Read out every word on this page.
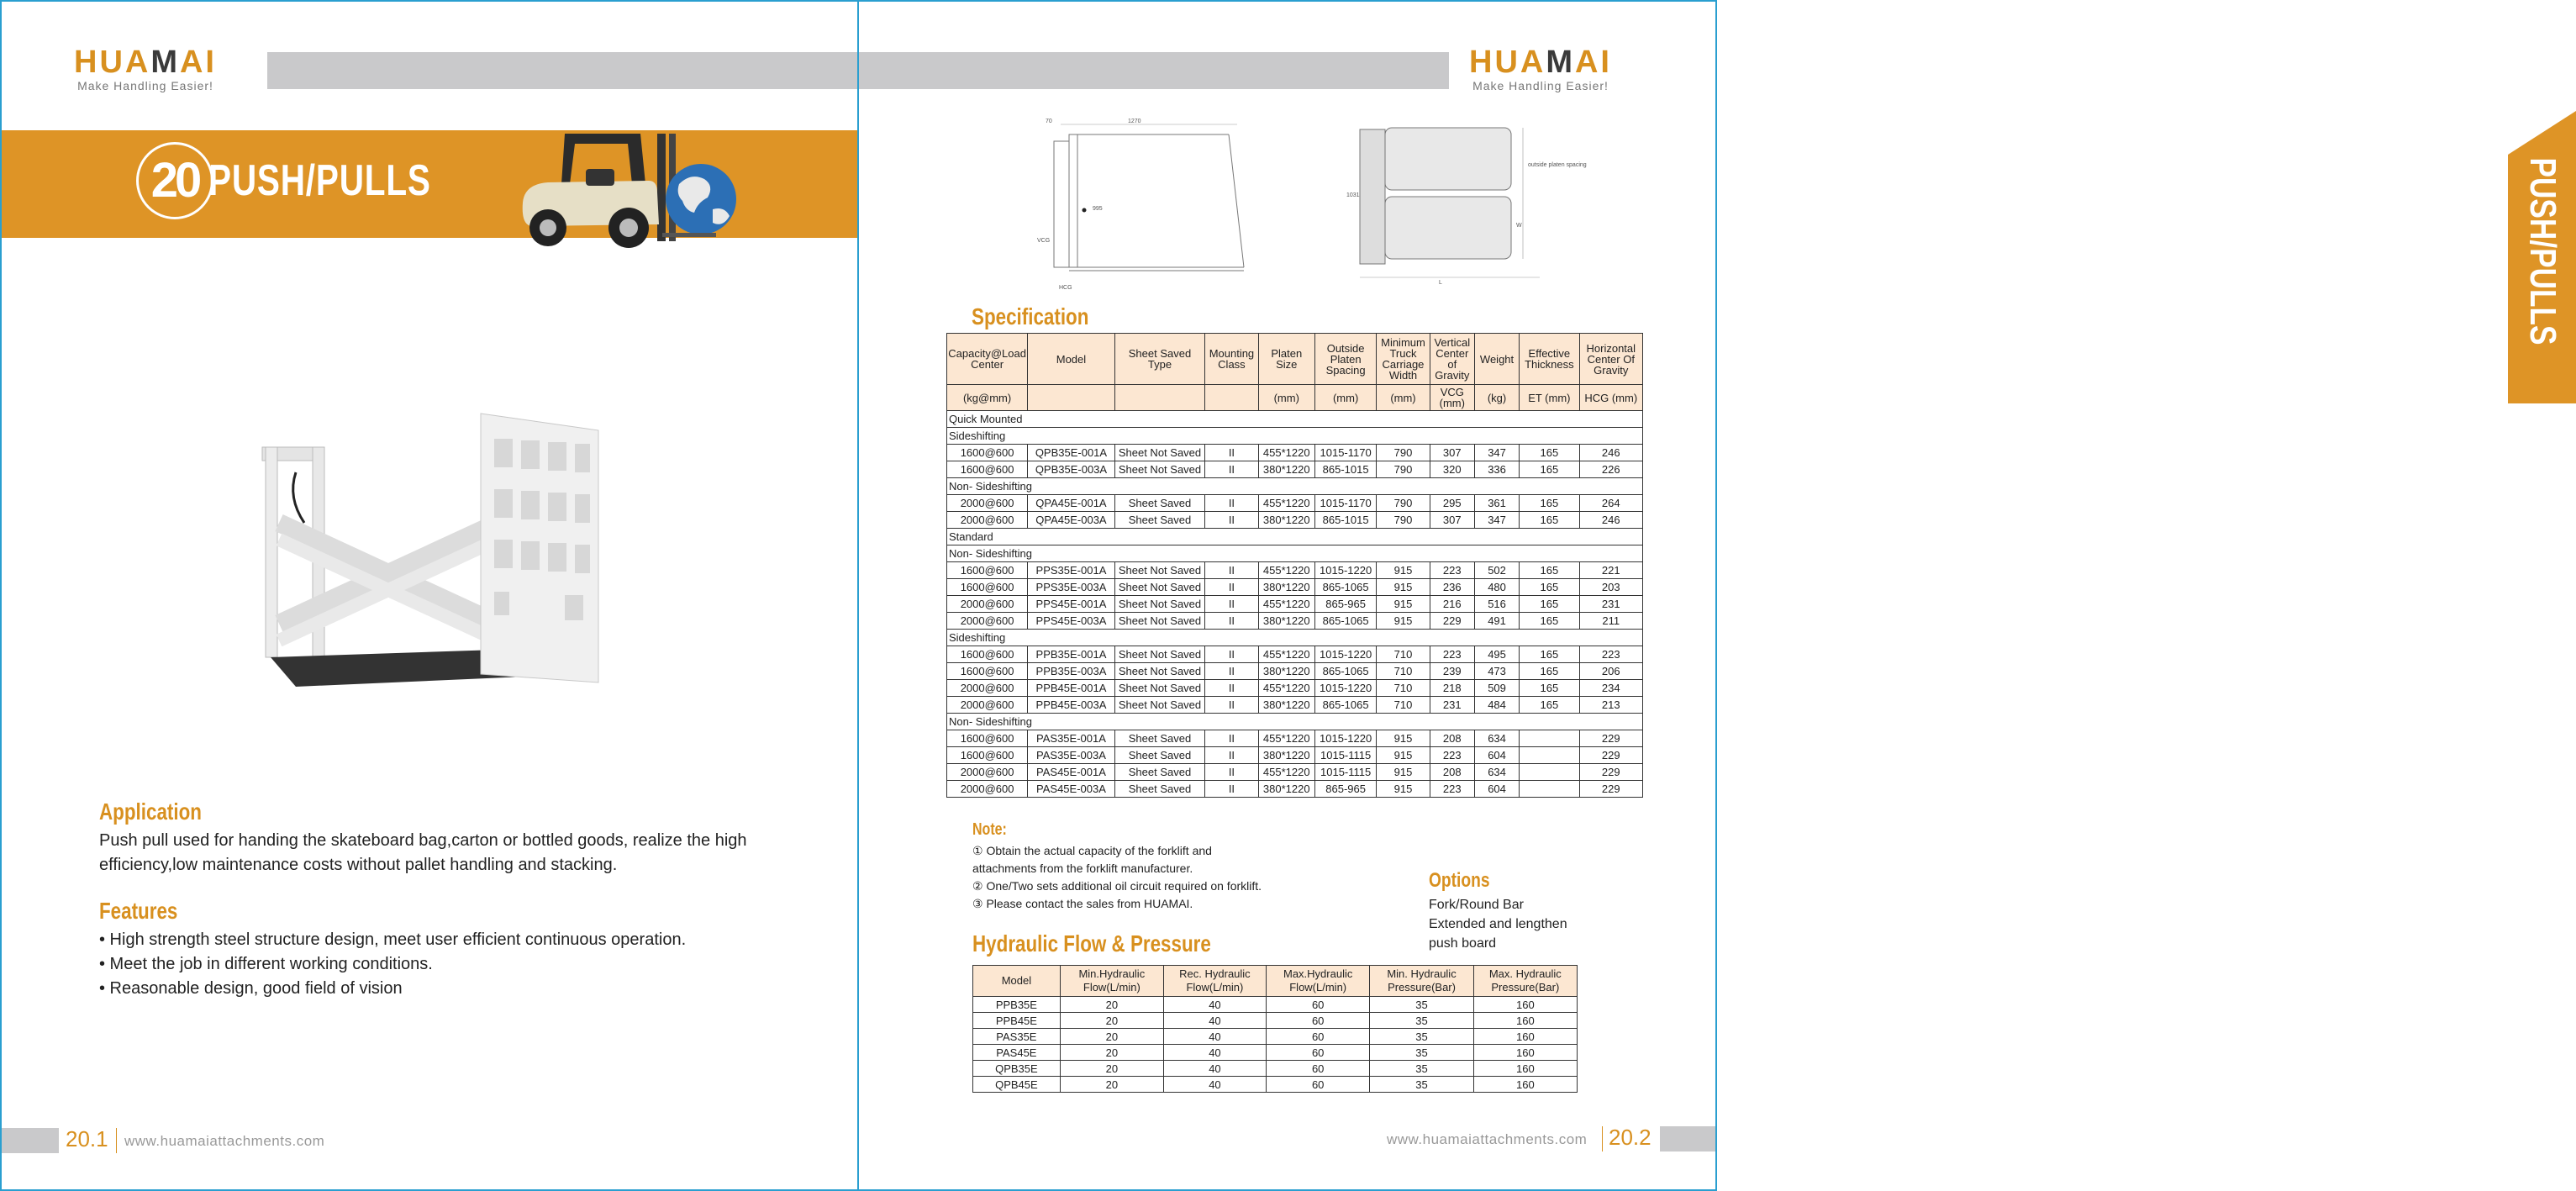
HUAMAI
Make Handling Easier!
20 PUSH/PULLS
Application
Push pull used for handing the skateboard bag,carton or bottled goods, realize the high efficiency,low maintenance costs without pallet handling and stacking.
Features
• High strength steel structure design, meet user efficient continuous operation.
• Meet the job in different working conditions.
• Reasonable design, good field of vision
20.1 www.huamaiattachments.com
HUAMAI
Make Handling Easier!
1270
70
995
VCG
HCG
1031
outside platen spacing
W
L	PUSH/PULLS
Specification
Capacity@Load Center	Model	Sheet Saved Type	Mounting Class	Platen Size	Outside Platen Spacing	Minimum Truck Carriage Width	Vertical Center of Gravity	Weight	Effective Thickness	Horizontal Center Of Gravity
(kg@mm)				(mm)	(mm)	(mm)	VCG (mm)	(kg)	ET (mm)	HCG (mm)
Quick Mounted										
Sideshifting										
1600@600	QPB35E-001A	Sheet Not Saved	II	455*1220	1015-1170	790	307	347	165	246
1600@600	QPB35E-003A	Sheet Not Saved	II	380*1220	865-1015	790	320	336	165	226
Non- Sideshifting										
2000@600	QPA45E-001A	Sheet Saved	II	455*1220	1015-1170	790	295	361	165	264
2000@600	QPA45E-003A	Sheet Saved	II	380*1220	865-1015	790	307	347	165	246
Standard										
Non- Sideshifting										
1600@600	PPS35E-001A	Sheet Not Saved	II	455*1220	1015-1220	915	223	502	165	221
1600@600	PPS35E-003A	Sheet Not Saved	II	380*1220	865-1065	915	236	480	165	203
2000@600	PPS45E-001A	Sheet Not Saved	II	455*1220	865-965	915	216	516	165	231
2000@600	PPS45E-003A	Sheet Not Saved	II	380*1220	865-1065	915	229	491	165	211
Sideshifting										
1600@600	PPB35E-001A	Sheet Not Saved	II	455*1220	1015-1220	710	223	495	165	223
1600@600	PPB35E-003A	Sheet Not Saved	II	380*1220	865-1065	710	239	473	165	206
2000@600	PPB45E-001A	Sheet Not Saved	II	455*1220	1015-1220	710	218	509	165	234
2000@600	PPB45E-003A	Sheet Not Saved	II	380*1220	865-1065	710	231	484	165	213
Non- Sideshifting										
1600@600	PAS35E-001A	Sheet Saved	II	455*1220	1015-1220	915	208	634		229
1600@600	PAS35E-003A	Sheet Saved	II	380*1220	1015-1115	915	223	604		229
2000@600	PAS45E-001A	Sheet Saved	II	455*1220	1015-1115	915	208	634		229
2000@600	PAS45E-003A	Sheet Saved	II	380*1220	865-965	915	223	604		229
Note:
① Obtain the actual capacity of the forklift and
attachments from the forklift manufacturer.
② One/Two sets additional oil circuit required on forklift.
③ Please contact the sales from HUAMAI.
Options
Fork/Round Bar
Extended and lengthen
push board
Hydraulic Flow & Pressure
Model	Min.Hydraulic Flow(L/min)	Rec. Hydraulic Flow(L/min)	Max.Hydraulic Flow(L/min)	Min. Hydraulic Pressure(Bar)	Max. Hydraulic Pressure(Bar)
PPB35E	20	40	60	35	160
PPB45E	20	40	60	35	160
PAS35E	20	40	60	35	160
PAS45E	20	40	60	35	160
QPB35E	20	40	60	35	160
QPB45E	20	40	60	35	160
www.huamaiattachments.com 20.2
